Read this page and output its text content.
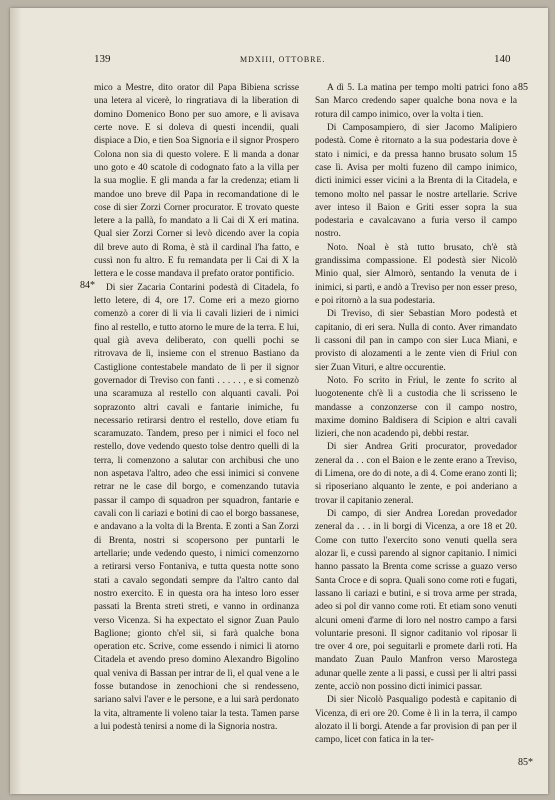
139	MDXIII, OTTOBRE.	140
84*
85
85*

mico a Mestre, dito orator dil Papa Bibiena scrisse una letera al vicerè, lo ringratiava di la liberation di domino Domenico Bono per suo amore, e li avisava certe nove. E si doleva di questi incendii, quali dispiace a Dio, e tien Soa Signoria e il signor Prospero Colona non sia di questo volere. E li manda a donar uno goto e 40 scatole di codognato fato a la villa per la sua moglie. E gli manda a far la credenza; etiam li mandoe uno breve dil Papa in recomandatione di le cose di sier Zorzi Corner procurator. E trovato queste letere a la pallà, fo mandato a li Cai di X eri matina. Qual sier Zorzi Corner si levò dicendo aver la copia dil breve auto di Roma, è stà il cardinal l'ha fatto, e cussì non fu altro. E fu remandata per li Cai di X la lettera e le cosse mandava il prefato orator pontificio.

Di sier Zacaria Contarini podestà di Citadela, fo letto letere, di 4, ore 17. Come eri a mezo giorno comenzò a corer di li via li cavali lizieri de i nimici fino al restello, e tutto atorno le mure de la terra. E lui, qual già aveva deliberato, con quelli pochi se ritrovava de lì, insieme con el strenuo Bastiano da Castiglione contestabele mandato de lì per il signor governador di Treviso con fanti . . . . . , e si comenzò una scaramuza al restello con alquanti cavali. Poi soprazonto altri cavali e fantarie inimiche, fu necessario retirarsi dentro el restello, dove etiam fu scaramuzato. Tandem, preso per i nimici el foco nel restello, dove vedendo questo tolse dentro quelli di la terra, li comenzono a salutar con archibusi che uno non aspetava l'altro, adeo che essi inimici si convene retrar ne le case dil borgo, e comenzando tutavia passar il campo di squadron per squadron, fantarie e cavali con li cariazi e botini di cao el borgo bassanese, e andavano a la volta di la Brenta. E zonti a San Zorzi di Brenta, nostri si scopersono per puntarli le artellarie; unde vedendo questo, i nimici comenzorno a retirarsi verso Fontaniva, e tutta questa notte sono stati a cavalo segondati sempre da l'altro canto dal nostro exercito. E in questa ora ha inteso loro esser passati la Brenta streti streti, e vanno in ordinanza verso Vicenza. Si ha expectato el signor Zuan Paulo Baglione; gionto ch'el sii, si farà qualche bona operation etc. Scrive, come essendo i nimici lì atorno Citadela et avendo preso domino Alexandro Bigolino qual veniva di Bassan per intrar de lì, el qual vene a le fosse butandose in zenochioni che si rendesseno, sariano salvi l'aver e le persone, e a lui sarà perdonato la vita, altramente li voleno taiar la testa. Tamen parse a lui podestà tenirsi a nome di la Signoria nostra.

A dì 5. La matina per tempo molti patrici fono a San Marco credendo saper qualche bona nova e la rotura dil campo inimico, over la volta i tien.

Di Camposampiero, di sier Jacomo Malipiero podestà. Come è ritornato a la sua podestaria dove è stato i nimici, e da pressa hanno brusato solum 15 case lì. Avisa per molti fuzeno dil campo inimico, dicti inimici esser vicini a la Brenta di la Citadela, e temono molto nel passar le nostre artellarie. Scrive aver inteso il Baion e Griti esser sopra la sua podestaria e cavalcavano a furia verso il campo nostro.

Noto. Noal è stà tutto brusato, ch'è stà grandissima compassione. El podestà sier Nicolò Minio qual, sier Almorò, sentando la venuta de i inimici, si partì, e andò a Treviso per non esser preso, e poi ritornò a la sua podestaria.

Di Treviso, di sier Sebastian Moro podestà et capitanio, di eri sera. Nulla di conto. Aver rimandato li cassoni dil pan in campo con sier Luca Miani, e provisto di alozamenti a le zente vien di Friul con sier Zuan Vituri, e altre occurentie.

Noto. Fo scrito in Friul, le zente fo scrito al luogotenente ch'è lì a custodia che li scrisseno le mandasse a conzonzerse con il campo nostro, maxime domino Baldisera di Scipion e altri cavali lizieri, che non acadendo pì, debbi restar.

Di sier Andrea Griti procurator, provedador zeneral da . . con el Baion e le zente erano a Treviso, di Limena, ore do di note, a dì 4. Come erano zonti lì; si riposeriano alquanto le zente, e poi anderiano a trovar il capitanio zeneral.

Di campo, di sier Andrea Loredan provedador zeneral da . . . in li borgi di Vicenza, a ore 18 et 20. Come con tutto l'exercito sono venuti quella sera alozar lì, e cussì parendo al signor capitanio. I nimici hanno passato la Brenta come scrisse a guazo verso Santa Croce e di sopra. Quali sono come roti e fugati, lassano li cariazi e butini, e si trova arme per strada, adeo si pol dir vanno come roti. Et etiam sono venuti alcuni omeni d'arme di loro nel nostro campo a farsi voluntarie presoni. Il signor caditanio vol riposar lì tre over 4 ore, poi seguitarli e promete darli roti. Ha mandato Zuan Paulo Manfron verso Marostega adunar quelle zente a li passi, e cussì per li altri passi zente, acciò non possino dicti inimici passar.

Di sier Nicolò Pasqualigo podestà e capitanio di Vicenza, di eri ore 20. Come è lì in la terra, il campo alozato il li borgi. Atende a far provision di pan per il campo, licet con fatica in la ter-
